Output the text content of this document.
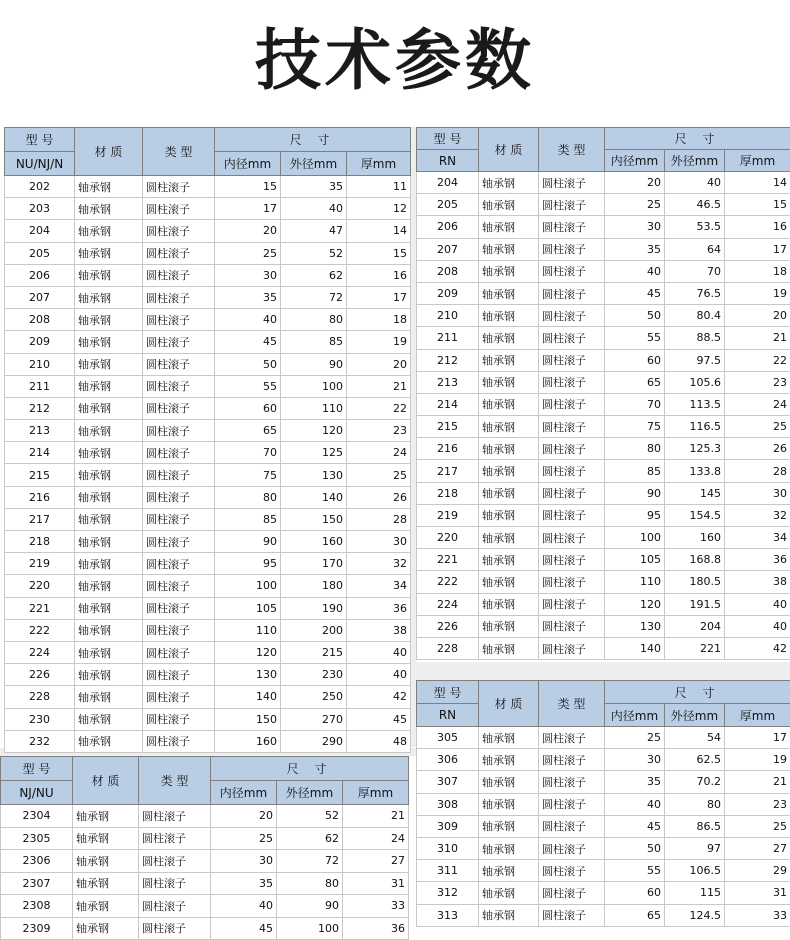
技术参数
型 号	材 质	类 型	尺 寸		
NU/NJ/N			内径mm	外径mm	厚mm
202	轴承钢	圆柱滚子	15	35	11
203	轴承钢	圆柱滚子	17	40	12
204	轴承钢	圆柱滚子	20	47	14
205	轴承钢	圆柱滚子	25	52	15
206	轴承钢	圆柱滚子	30	62	16
207	轴承钢	圆柱滚子	35	72	17
208	轴承钢	圆柱滚子	40	80	18
209	轴承钢	圆柱滚子	45	85	19
210	轴承钢	圆柱滚子	50	90	20
211	轴承钢	圆柱滚子	55	100	21
212	轴承钢	圆柱滚子	60	110	22
213	轴承钢	圆柱滚子	65	120	23
214	轴承钢	圆柱滚子	70	125	24
215	轴承钢	圆柱滚子	75	130	25
216	轴承钢	圆柱滚子	80	140	26
217	轴承钢	圆柱滚子	85	150	28
218	轴承钢	圆柱滚子	90	160	30
219	轴承钢	圆柱滚子	95	170	32
220	轴承钢	圆柱滚子	100	180	34
221	轴承钢	圆柱滚子	105	190	36
222	轴承钢	圆柱滚子	110	200	38
224	轴承钢	圆柱滚子	120	215	40
226	轴承钢	圆柱滚子	130	230	40
228	轴承钢	圆柱滚子	140	250	42
230	轴承钢	圆柱滚子	150	270	45
232	轴承钢	圆柱滚子	160	290	48
型 号	材 质	类 型	尺 寸		
RN			内径mm	外径mm	厚mm
204	轴承钢	圆柱滚子	20	40	14
205	轴承钢	圆柱滚子	25	46.5	15
206	轴承钢	圆柱滚子	30	53.5	16
207	轴承钢	圆柱滚子	35	64	17
208	轴承钢	圆柱滚子	40	70	18
209	轴承钢	圆柱滚子	45	76.5	19
210	轴承钢	圆柱滚子	50	80.4	20
211	轴承钢	圆柱滚子	55	88.5	21
212	轴承钢	圆柱滚子	60	97.5	22
213	轴承钢	圆柱滚子	65	105.6	23
214	轴承钢	圆柱滚子	70	113.5	24
215	轴承钢	圆柱滚子	75	116.5	25
216	轴承钢	圆柱滚子	80	125.3	26
217	轴承钢	圆柱滚子	85	133.8	28
218	轴承钢	圆柱滚子	90	145	30
219	轴承钢	圆柱滚子	95	154.5	32
220	轴承钢	圆柱滚子	100	160	34
221	轴承钢	圆柱滚子	105	168.8	36
222	轴承钢	圆柱滚子	110	180.5	38
224	轴承钢	圆柱滚子	120	191.5	40
226	轴承钢	圆柱滚子	130	204	40
228	轴承钢	圆柱滚子	140	221	42
型 号	材 质	类 型	尺 寸		
NJ/NU			内径mm	外径mm	厚mm
2304	轴承钢	圆柱滚子	20	52	21
2305	轴承钢	圆柱滚子	25	62	24
2306	轴承钢	圆柱滚子	30	72	27
2307	轴承钢	圆柱滚子	35	80	31
2308	轴承钢	圆柱滚子	40	90	33
2309	轴承钢	圆柱滚子	45	100	36
型 号	材 质	类 型	尺 寸		
RN			内径mm	外径mm	厚mm
305	轴承钢	圆柱滚子	25	54	17
306	轴承钢	圆柱滚子	30	62.5	19
307	轴承钢	圆柱滚子	35	70.2	21
308	轴承钢	圆柱滚子	40	80	23
309	轴承钢	圆柱滚子	45	86.5	25
310	轴承钢	圆柱滚子	50	97	27
311	轴承钢	圆柱滚子	55	106.5	29
312	轴承钢	圆柱滚子	60	115	31
313	轴承钢	圆柱滚子	65	124.5	33
